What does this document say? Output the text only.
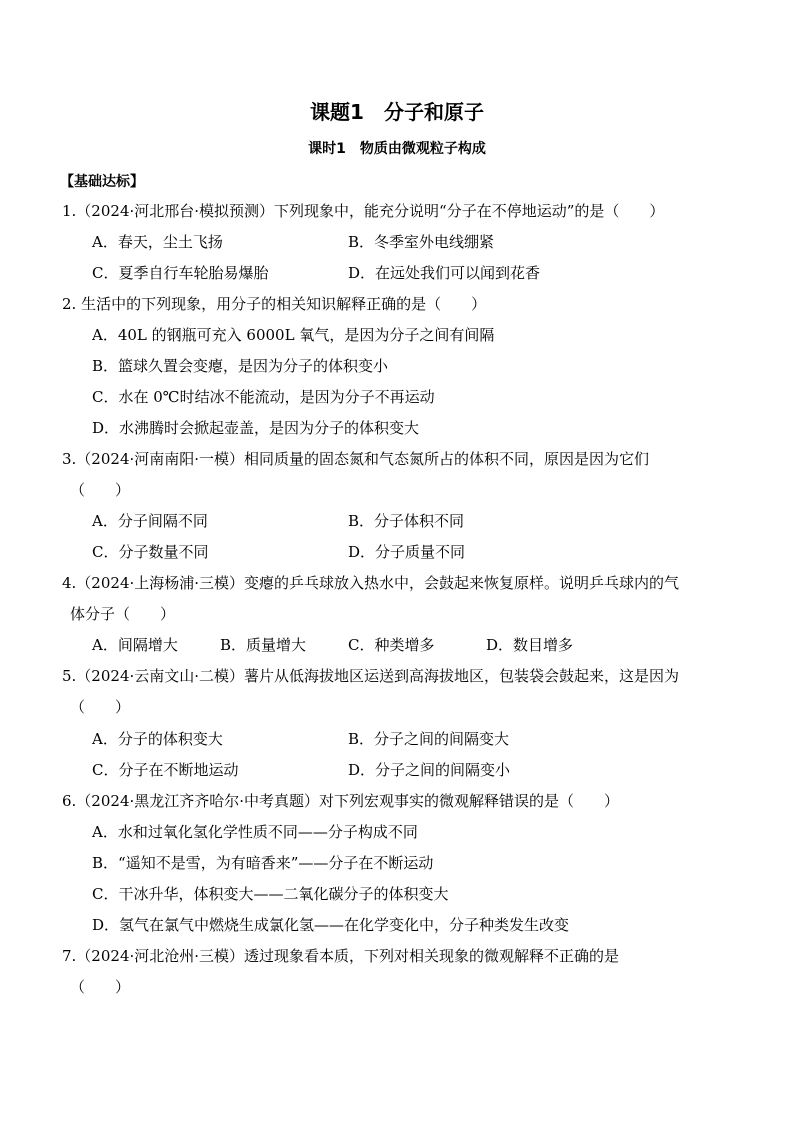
课题1　分子和原子
课时1　物质由微观粒子构成
【基础达标】
1.（2024·河北邢台·模拟预测）下列现象中，能充分说明“分子在不停地运动”的是（　　）
A．春天，尘土飞扬	B．冬季室外电线绷紧
C．夏季自行车轮胎易爆胎	D．在远处我们可以闻到花香
2. 生活中的下列现象，用分子的相关知识解释正确的是（　　）
A．40L 的钢瓶可充入 6000L 氧气，是因为分子之间有间隔
B．篮球久置会变瘪，是因为分子的体积变小
C．水在 0℃时结冰不能流动，是因为分子不再运动
D．水沸腾时会掀起壶盖，是因为分子的体积变大
3.（2024·河南南阳·一模）相同质量的固态氮和气态氮所占的体积不同，原因是因为它们
（　　）
A．分子间隔不同	B．分子体积不同
C．分子数量不同	D．分子质量不同
4.（2024·上海杨浦·三模）变瘪的乒乓球放入热水中，会鼓起来恢复原样。说明乒乓球内的气
体分子（　　）
A．间隔增大	B．质量增大	C．种类增多	D．数目增多
5.（2024·云南文山·二模）薯片从低海拔地区运送到高海拔地区，包装袋会鼓起来，这是因为
（　　）
A．分子的体积变大	B．分子之间的间隔变大
C．分子在不断地运动	D．分子之间的间隔变小
6.（2024·黑龙江齐齐哈尔·中考真题）对下列宏观事实的微观解释错误的是（　　）
A．水和过氧化氢化学性质不同——分子构成不同
B．“遥知不是雪，为有暗香来”——分子在不断运动
C．干冰升华，体积变大——二氧化碳分子的体积变大
D．氢气在氯气中燃烧生成氯化氢——在化学变化中，分子种类发生改变
7.（2024·河北沧州·三模）透过现象看本质，下列对相关现象的微观解释不正确的是
（　　）
